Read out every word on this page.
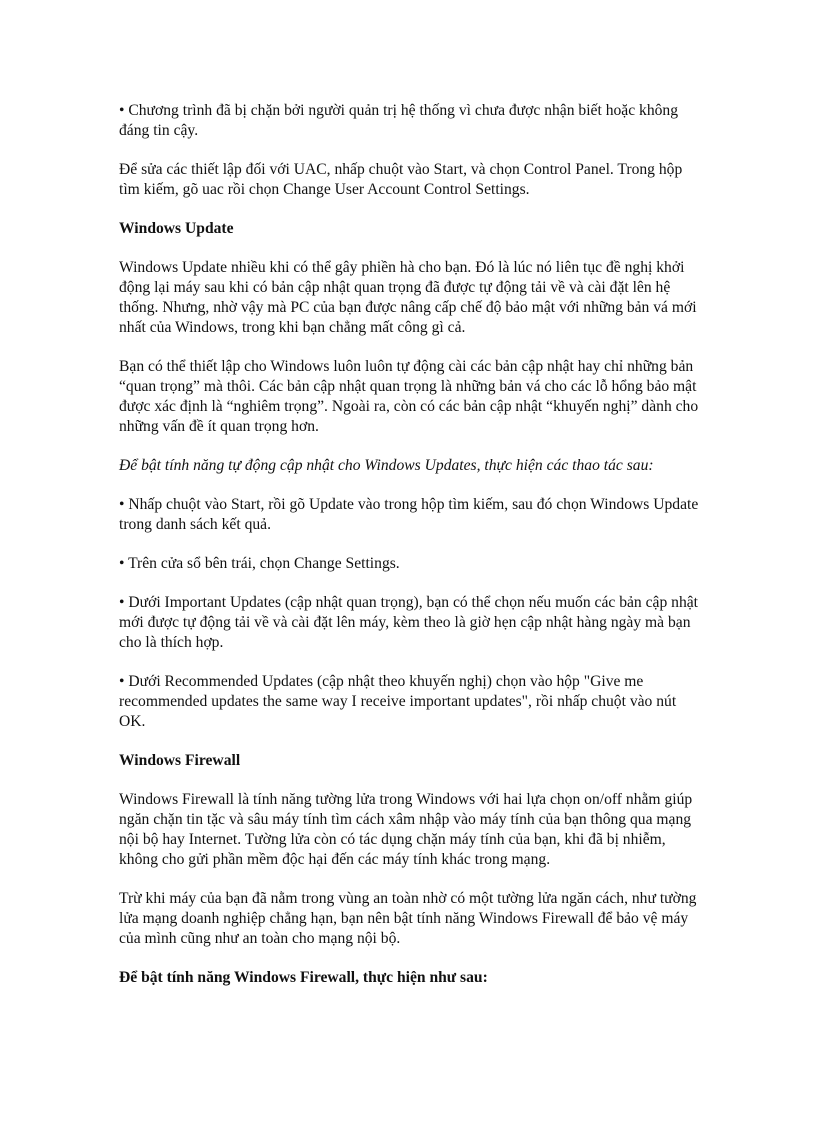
• Chương trình đã bị chặn bởi người quản trị hệ thống vì chưa được nhận biết hoặc không đáng tin cậy.

Để sửa các thiết lập đối với UAC, nhấp chuột vào Start, và chọn Control Panel. Trong hộp tìm kiếm, gõ uac rồi chọn Change User Account Control Settings.

Windows Update

Windows Update nhiều khi có thể gây phiền hà cho bạn. Đó là lúc nó liên tục đề nghị khởi động lại máy sau khi có bản cập nhật quan trọng đã được tự động tải về và cài đặt lên hệ thống. Nhưng, nhờ vậy mà PC của bạn được nâng cấp chế độ bảo mật với những bản vá mới nhất của Windows, trong khi bạn chẳng mất công gì cả.

Bạn có thể thiết lập cho Windows luôn luôn tự động cài các bản cập nhật hay chỉ những bản “quan trọng” mà thôi. Các bản cập nhật quan trọng là những bản vá cho các lỗ hổng bảo mật được xác định là “nghiêm trọng”. Ngoài ra, còn có các bản cập nhật “khuyến nghị” dành cho những vấn đề ít quan trọng hơn.

Để bật tính năng tự động cập nhật cho Windows Updates, thực hiện các thao tác sau:

• Nhấp chuột vào Start, rồi gõ Update vào trong hộp tìm kiếm, sau đó chọn Windows Update trong danh sách kết quả.

• Trên cửa sổ bên trái, chọn Change Settings.

• Dưới Important Updates (cập nhật quan trọng), bạn có thể chọn nếu muốn các bản cập nhật mới được tự động tải về và cài đặt lên máy, kèm theo là giờ hẹn cập nhật hàng ngày mà bạn cho là thích hợp.

• Dưới Recommended Updates (cập nhật theo khuyến nghị) chọn vào hộp "Give me recommended updates the same way I receive important updates", rồi nhấp chuột vào nút OK.

Windows Firewall

Windows Firewall là tính năng tường lửa trong Windows với hai lựa chọn on/off nhằm giúp ngăn chặn tin tặc và sâu máy tính tìm cách xâm nhập vào máy tính của bạn thông qua mạng nội bộ hay Internet. Tường lửa còn có tác dụng chặn máy tính của bạn, khi đã bị nhiễm, không cho gửi phần mềm độc hại đến các máy tính khác trong mạng.

Trừ khi máy của bạn đã nằm trong vùng an toàn nhờ có một tường lửa ngăn cách, như tường lửa mạng doanh nghiệp chẳng hạn, bạn nên bật tính năng Windows Firewall để bảo vệ máy của mình cũng như an toàn cho mạng nội bộ.

Để bật tính năng Windows Firewall, thực hiện như sau:
